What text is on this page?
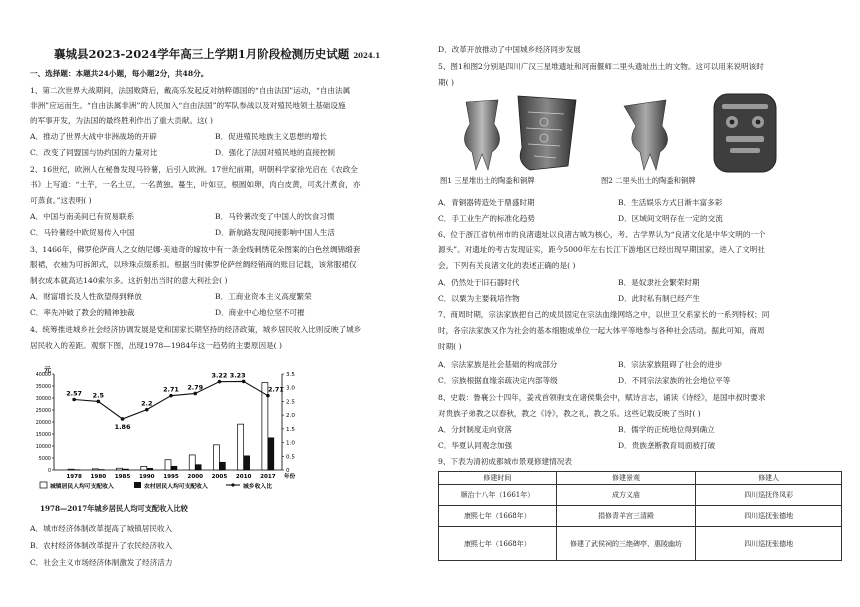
襄城县2023-2024学年高三上学期1月阶段检测历史试题 2024.1
一、选择题：本题共24小题，每小题2分，共48分。
1、第二次世界大战期间，法国败降后，戴高乐发起反对纳粹德国的“自由法国”运动，“自由法属
非洲”应运而生。“自由法属非洲”的人民加入“自由法国”的军队参战以及对殖民地领土基础设施
的军事开发，为法国的最终胜利作出了重大贡献。这( )
A．推动了世界大战中非洲战场的开辟	B．促进殖民地族主义思想的增长
C．改变了同盟国与协约国的力量对比	D．强化了法国对殖民地的直接控制
2、16世纪，欧洲人在秘鲁发现马铃薯，后引入欧洲。17世纪前期，明朝科学家徐光启在《农政全
书》上写道：“土芋，一名土豆，一名黄独。蔓生，叶如豆，根圆如卵，肉白皮黄，可炙汁煮食，亦
可蒸食。”这表明( )
A．中国与南美间已有贸易联系	B．马铃薯改变了中国人的饮食习惯
C．马铃薯经中欧贸易传入中国	D．新航路发现间接影响中国人生活
3、1466年，佛罗伦萨商人之女纳尼娜·美迪奇的嫁妆中有一条金线刺绣花朵图案的白色丝绸锦缎套
服裙，衣袖为可拆卸式，以珍珠点缀系扣。根据当时佛罗伦萨丝绸经销商的账目记载，该常服裙仅
制衣成本就高达140索尔多。这折射出当时的意大利社会( )
A．财富增长及人性欲望得到释放	B．工商业资本主义高度繁荣
C．率先冲破了教会的精神独裁	D．商业中心地位坚不可摧
4、统筹推进城乡社会经济协调发展是党和国家长期坚持的经济政策，城乡居民收入比则反映了城乡
居民收入的差距。观察下图，出现1978—1984年这一趋势的主要原因是( )
元
0
5000
10000
15000
20000
25000
30000
35000
40000
0
0.5
1.0
1.5
2.0
2.5
3.0
3.5
1978 1980 1985 1990 1995 2000 2005 2010 2017 年份
2.57 2.5
1.86
2.2
2.71 2.79
3.22 3.23
2.71
城镇居民人均可支配收入	农村居民人均可支配收入	城乡收入比
1978—2017年城乡居民人均可支配收入比较
A．城市经济体制改革提高了城镇居民收入
B．农村经济体制改革提升了农民经济收入
C．社会主义市场经济体制激发了经济活力
D．改革开放推动了中国城乡经济同步发展
5、图1和图2分别是四川广汉三星堆遗址和河南偃师二里头遗址出土的文物。这可以用来说明该时
期( )
图1 三星堆出土的陶盉和铜牌	图2 二里头出土的陶盉和铜牌
A．青铜器铸造处于鼎盛时期	B．生活娱乐方式日渐丰富多彩
C．手工业生产的标准化趋势	D．区域间文明存在一定的交流
6、位于浙江省杭州市的良渚遗址以良渚古城为核心，考、古学界认为“良渚文化是中华文明的一个
源头”。对遗址的考古发现证实，距今5000年左右长江下游地区已经出现早期国家，进入了文明社
会。下列有关良渚文化的表述正确的是( )
A．仍然处于旧石器时代	B．是奴隶社会繁荣时期
C．以粟为主要栽培作物	D．此时私有制已经产生
7、商周时期，宗法家族把自己的成员固定在宗法血缘网络之中，以世卫父系家长的一系列特权；同
时，各宗法家族又作为社会的基本细胞成单位一起大体平等地参与各种社会活动。据此可知，商周
时期( )
A．宗法家族是社会基础的构成部分	B．宗法家族阻碍了社会的进步
C．宗族根据血缘亲疏决定内部等级	D．不同宗法家族的社会地位平等
8、史载：鲁襄公十四年，姜戎首领驹支在诸侯集会中，赋诗言志，诵读《诗经》，是国申叔时要求
对贵族子弟教之以春秋，教之《诗》，教之礼，教之乐。这些记载反映了当时( )
A．分封制度走向衰落	B．儒学的正统地位得到确立
C．华夏认同观念加强	D．贵族垄断教育局面被打破
9、下表为清初成都城市景观修建情况表
修建时间	修建景观	修建人
顺治十八年（1661年）	成方义庙	四川巡抚佟凤彩
康熙七年（1668年）	捐修青羊宫三清殿	四川巡抚张德地
康熙七年（1668年）	修建了武侯祠的三绝碑亭、惠陵幽坊	四川巡抚张德地
